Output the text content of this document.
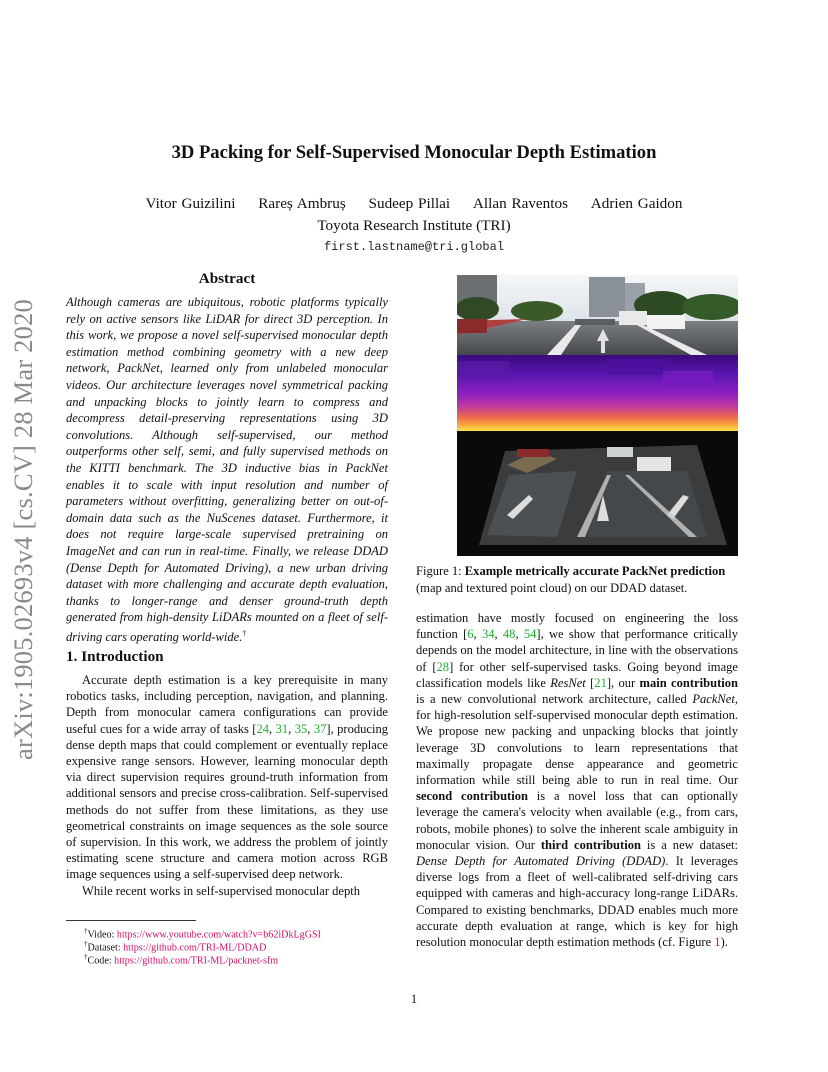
arXiv:1905.02693v4 [cs.CV] 28 Mar 2020
3D Packing for Self-Supervised Monocular Depth Estimation
Vitor Guizilini Rareș Ambruș Sudeep Pillai Allan Raventos Adrien Gaidon
Toyota Research Institute (TRI)
first.lastname@tri.global
Abstract
Although cameras are ubiquitous, robotic platforms typically rely on active sensors like LiDAR for direct 3D perception. In this work, we propose a novel self-supervised monocular depth estimation method combining geometry with a new deep network, PackNet, learned only from unlabeled monocular videos. Our architecture leverages novel symmetrical packing and unpacking blocks to jointly learn to compress and decompress detail-preserving representations using 3D convolutions. Although self-supervised, our method outperforms other self, semi, and fully supervised methods on the KITTI benchmark. The 3D inductive bias in PackNet enables it to scale with input resolution and number of parameters without overfitting, generalizing better on out-of-domain data such as the NuScenes dataset. Furthermore, it does not require large-scale supervised pretraining on ImageNet and can run in real-time. Finally, we release DDAD (Dense Depth for Automated Driving), a new urban driving dataset with more challenging and accurate depth evaluation, thanks to longer-range and denser ground-truth depth generated from high-density LiDARs mounted on a fleet of self-driving cars operating world-wide.†
1. Introduction
Accurate depth estimation is a key prerequisite in many robotics tasks, including perception, navigation, and planning. Depth from monocular camera configurations can provide useful cues for a wide array of tasks [24, 31, 35, 37], producing dense depth maps that could complement or eventually replace expensive range sensors. However, learning monocular depth via direct supervision requires ground-truth information from additional sensors and precise cross-calibration. Self-supervised methods do not suffer from these limitations, as they use geometrical constraints on image sequences as the sole source of supervision. In this work, we address the problem of jointly estimating scene structure and camera motion across RGB image sequences using a self-supervised deep network.
While recent works in self-supervised monocular depth
†Video: https://www.youtube.com/watch?v=b62iDkLgGSI
†Dataset: https://github.com/TRI-ML/DDAD
†Code: https://github.com/TRI-ML/packnet-sfm
Figure 1: Example metrically accurate PackNet prediction (map and textured point cloud) on our DDAD dataset.
estimation have mostly focused on engineering the loss function [6, 34, 48, 54], we show that performance critically depends on the model architecture, in line with the observations of [28] for other self-supervised tasks. Going beyond image classification models like ResNet [21], our main contribution is a new convolutional network architecture, called PackNet, for high-resolution self-supervised monocular depth estimation. We propose new packing and unpacking blocks that jointly leverage 3D convolutions to learn representations that maximally propagate dense appearance and geometric information while still being able to run in real time. Our second contribution is a novel loss that can optionally leverage the camera's velocity when available (e.g., from cars, robots, mobile phones) to solve the inherent scale ambiguity in monocular vision. Our third contribution is a new dataset: Dense Depth for Automated Driving (DDAD). It leverages diverse logs from a fleet of well-calibrated self-driving cars equipped with cameras and high-accuracy long-range LiDARs. Compared to existing benchmarks, DDAD enables much more accurate depth evaluation at range, which is key for high resolution monocular depth estimation methods (cf. Figure 1).
1
